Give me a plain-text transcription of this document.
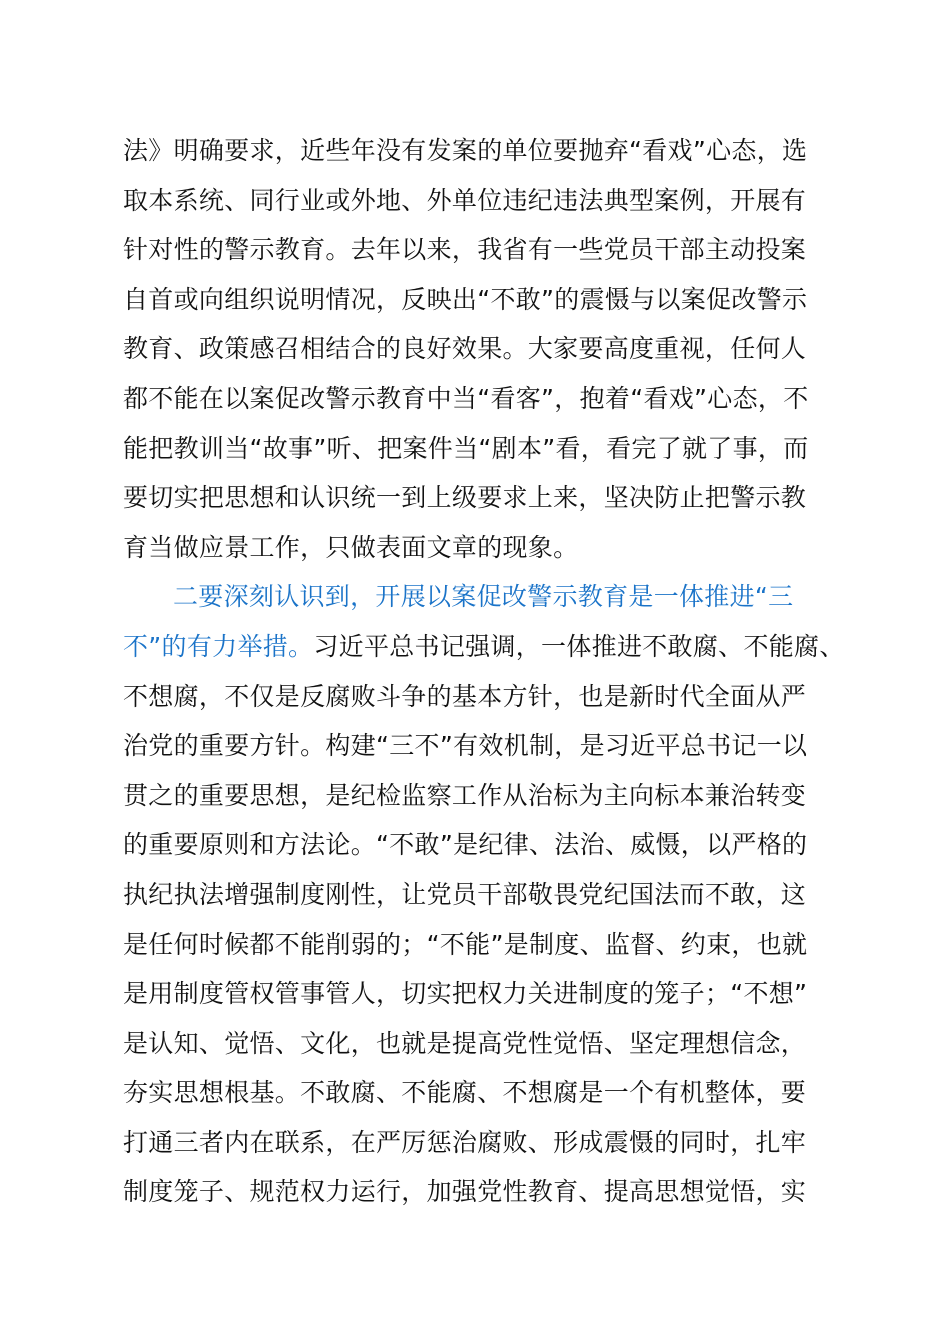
法》明确要求，近些年没有发案的单位要抛弃“看戏”心态，选
取本系统、同行业或外地、外单位违纪违法典型案例，开展有
针对性的警示教育。去年以来，我省有一些党员干部主动投案
自首或向组织说明情况，反映出“不敢”的震慑与以案促改警示
教育、政策感召相结合的良好效果。大家要高度重视，任何人
都不能在以案促改警示教育中当“看客”，抱着“看戏”心态，不
能把教训当“故事”听、把案件当“剧本”看，看完了就了事，而
要切实把思想和认识统一到上级要求上来，坚决防止把警示教
育当做应景工作，只做表面文章的现象。
二要深刻认识到，开展以案促改警示教育是一体推进“三
不”的有力举措。习近平总书记强调，一体推进不敢腐、不能腐、
不想腐，不仅是反腐败斗争的基本方针，也是新时代全面从严
治党的重要方针。构建“三不”有效机制，是习近平总书记一以
贯之的重要思想，是纪检监察工作从治标为主向标本兼治转变
的重要原则和方法论。“不敢”是纪律、法治、威慑，以严格的
执纪执法增强制度刚性，让党员干部敬畏党纪国法而不敢，这
是任何时候都不能削弱的；“不能”是制度、监督、约束，也就
是用制度管权管事管人，切实把权力关进制度的笼子；“不想”
是认知、觉悟、文化，也就是提高党性觉悟、坚定理想信念，
夯实思想根基。不敢腐、不能腐、不想腐是一个有机整体，要
打通三者内在联系，在严厉惩治腐败、形成震慑的同时，扎牢
制度笼子、规范权力运行，加强党性教育、提高思想觉悟，实
